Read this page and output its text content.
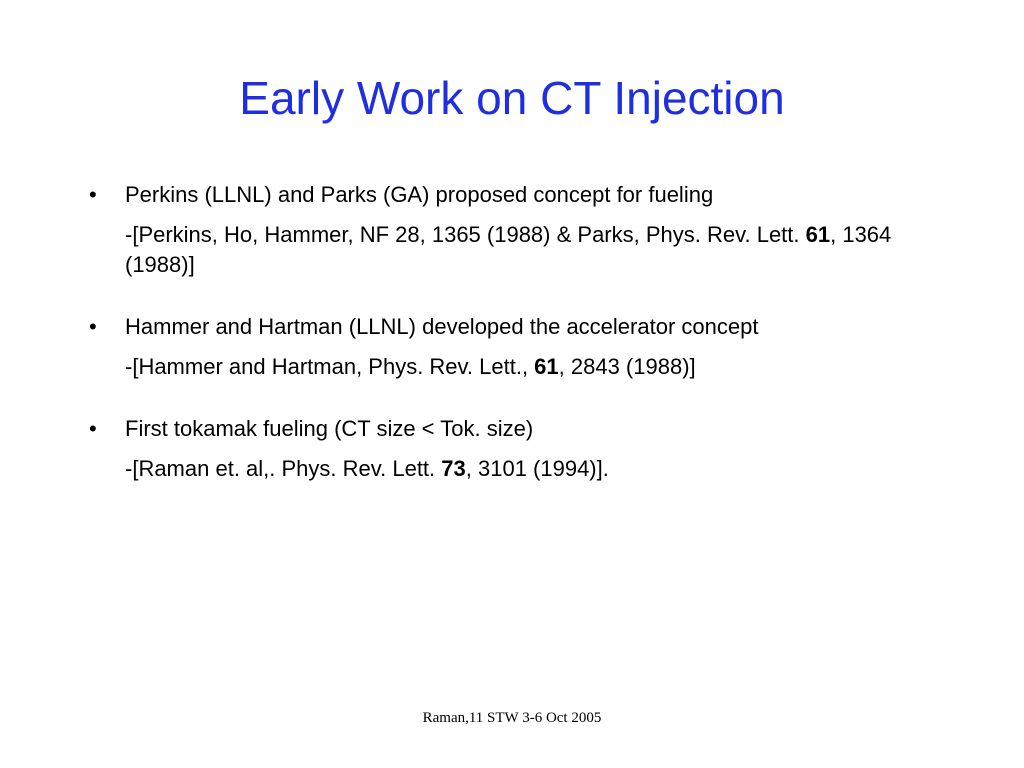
Early Work on CT Injection
•	Perkins (LLNL) and Parks (GA) proposed concept for fueling
-[Perkins, Ho, Hammer, NF 28, 1365 (1988) & Parks, Phys. Rev. Lett. 61, 1364 (1988)]
•	Hammer and Hartman (LLNL) developed the accelerator concept
-[Hammer and Hartman, Phys. Rev. Lett., 61, 2843 (1988)]
•	First tokamak fueling (CT size < Tok. size)
-[Raman et. al,. Phys. Rev. Lett. 73, 3101 (1994)].
Raman,11 STW 3-6 Oct 2005
